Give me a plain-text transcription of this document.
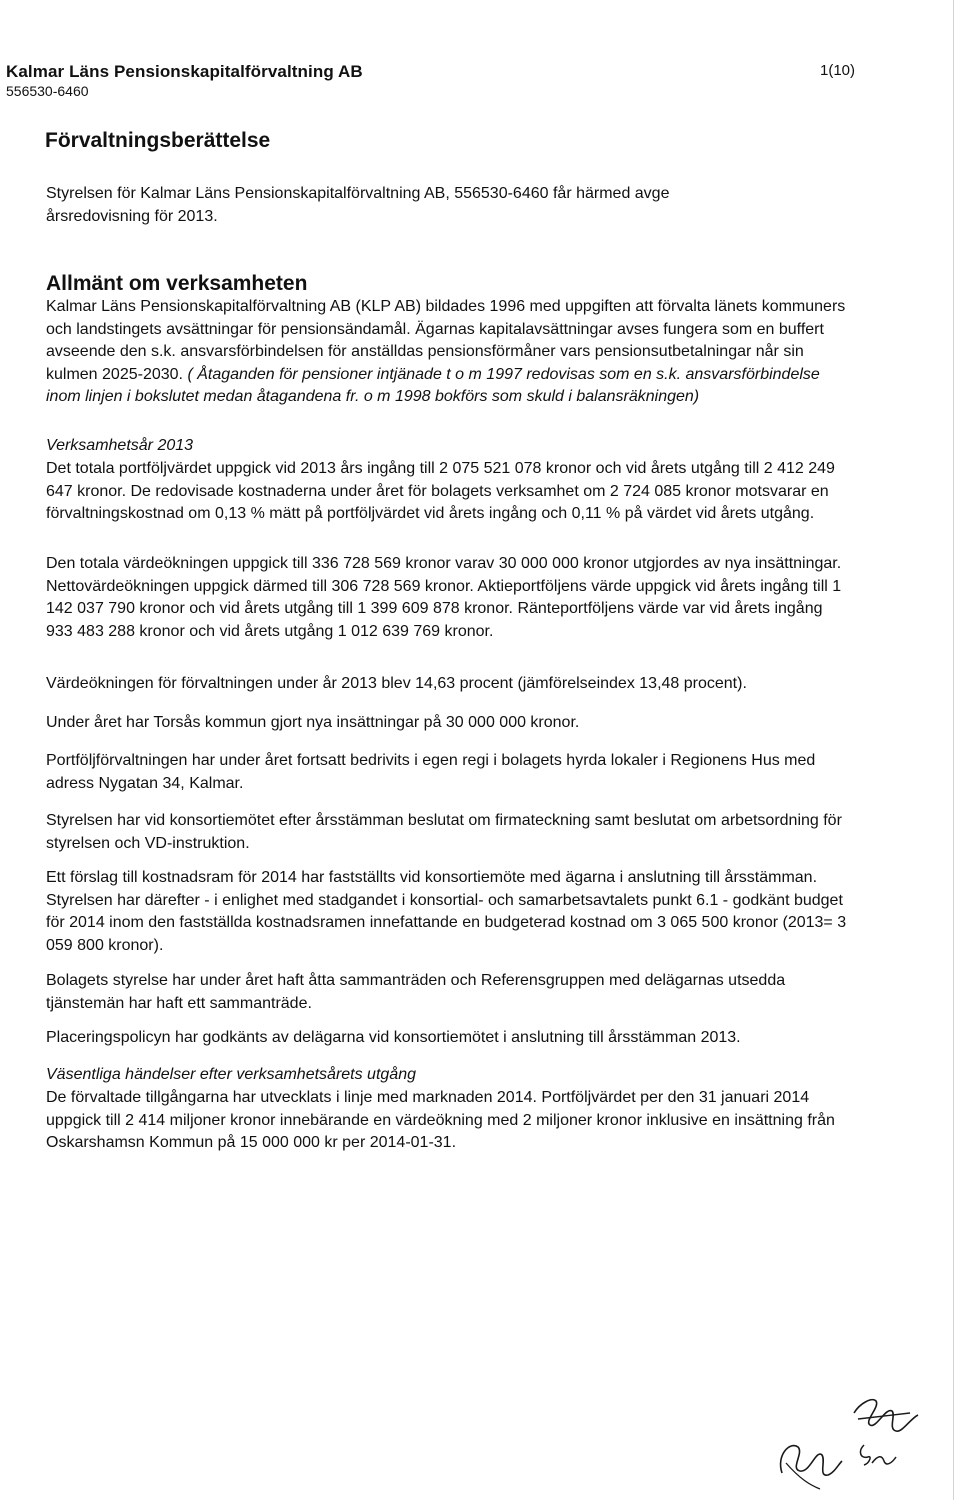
Kalmar Läns Pensionskapitalförvaltning AB
556530-6460
1(10)
Förvaltningsberättelse

Styrelsen för Kalmar Läns Pensionskapitalförvaltning AB, 556530-6460 får härmed avge årsredovisning för 2013.

Allmänt om verksamheten

Kalmar Läns Pensionskapitalförvaltning AB (KLP AB) bildades 1996 med uppgiften att förvalta länets kommuners och landstingets avsättningar för pensionsändamål. Ägarnas kapitalavsättningar avses fungera som en buffert avseende den s.k. ansvarsförbindelsen för anställdas pensionsförmåner vars pensionsutbetalningar når sin kulmen 2025-2030. ( Åtaganden för pensioner intjänade t o m 1997 redovisas som en s.k. ansvarsförbindelse inom linjen i bokslutet medan åtagandena fr. o m 1998 bokförs som skuld i balansräkningen)

Verksamhetsår 2013

Det totala portföljvärdet uppgick vid 2013 års ingång till 2 075 521 078 kronor och vid årets utgång till 2 412 249 647 kronor. De redovisade kostnaderna under året för bolagets verksamhet om 2 724 085 kronor motsvarar en förvaltningskostnad om 0,13 % mätt på portföljvärdet vid årets ingång och 0,11 % på värdet vid årets utgång.

Den totala värdeökningen uppgick till 336 728 569 kronor varav 30 000 000 kronor utgjordes av nya insättningar. Nettovärdeökningen uppgick därmed till 306 728 569 kronor. Aktieportföljens värde uppgick vid årets ingång till 1 142 037 790 kronor och vid årets utgång till 1 399 609 878 kronor. Ränteportföljens värde var vid årets ingång 933 483 288 kronor och vid årets utgång 1 012 639 769 kronor.

Värdeökningen för förvaltningen under år 2013 blev 14,63 procent (jämförelseindex 13,48 procent).

Under året har Torsås kommun gjort nya insättningar på 30 000 000 kronor.

Portföljförvaltningen har under året fortsatt bedrivits i egen regi i bolagets hyrda lokaler i Regionens Hus med adress Nygatan 34, Kalmar.

Styrelsen har vid konsortiemötet efter årsstämman beslutat om firmateckning samt beslutat om arbetsordning för styrelsen och VD-instruktion.

Ett förslag till kostnadsram för 2014 har fastställts vid konsortiemöte med ägarna i anslutning till årsstämman. Styrelsen har därefter - i enlighet med stadgandet i konsortial- och samarbetsavtalets punkt 6.1 - godkänt budget för 2014 inom den fastställda kostnadsramen innefattande en budgeterad kostnad om 3 065 500 kronor (2013= 3 059 800 kronor).

Bolagets styrelse har under året haft åtta sammanträden och Referensgruppen med delägarnas utsedda tjänstemän har haft ett sammanträde.

Placeringspolicyn har godkänts av delägarna vid konsortiemötet i anslutning till årsstämman 2013.

Väsentliga händelser efter verksamhetsårets utgång

De förvaltade tillgångarna har utvecklats i linje med marknaden 2014. Portföljvärdet per den 31 januari 2014 uppgick till 2 414 miljoner kronor innebärande en värdeökning med 2 miljoner kronor inklusive en insättning från Oskarshamsn Kommun på 15 000 000 kr per 2014-01-31.
